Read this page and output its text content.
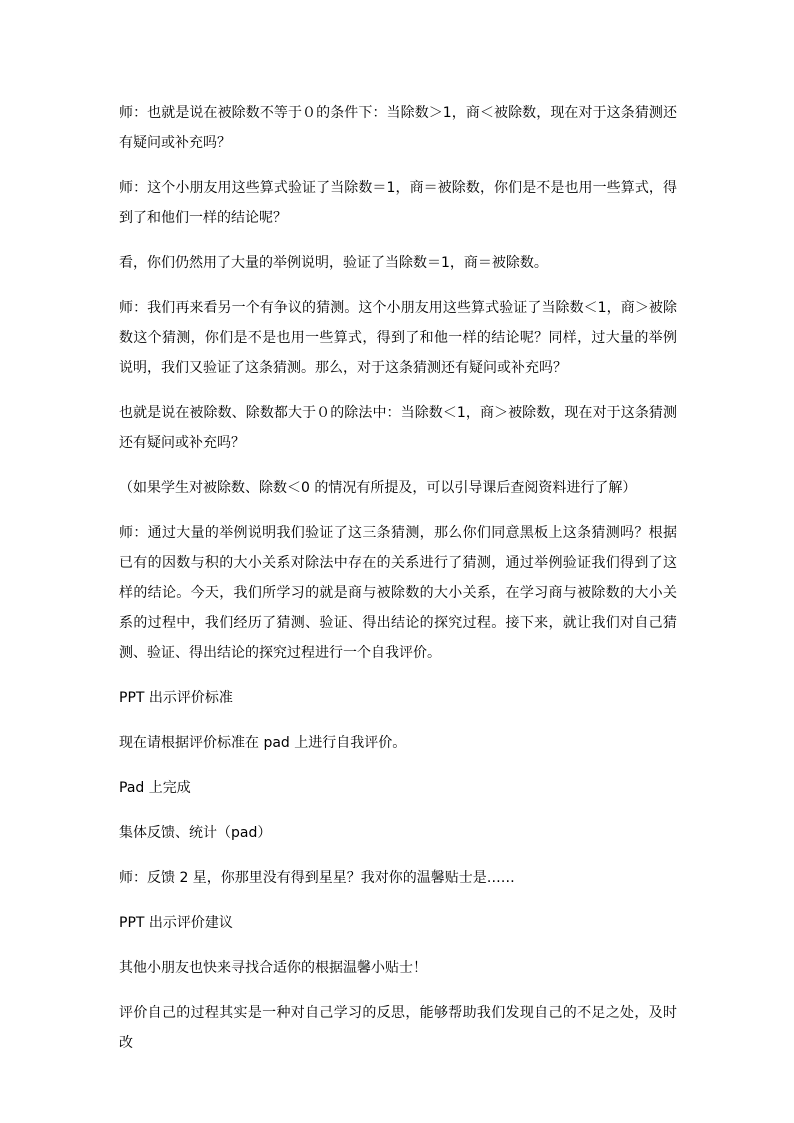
师：也就是说在被除数不等于０的条件下：当除数＞1，商＜被除数，现在对于这条猜测还有疑问或补充吗？

师：这个小朋友用这些算式验证了当除数＝1，商＝被除数，你们是不是也用一些算式，得到了和他们一样的结论呢？

看，你们仍然用了大量的举例说明，验证了当除数＝1，商＝被除数。

师：我们再来看另一个有争议的猜测。这个小朋友用这些算式验证了当除数＜1，商＞被除数这个猜测，你们是不是也用一些算式，得到了和他一样的结论呢？同样，过大量的举例说明，我们又验证了这条猜测。那么，对于这条猜测还有疑问或补充吗？

也就是说在被除数、除数都大于０的除法中：当除数＜1，商＞被除数，现在对于这条猜测还有疑问或补充吗？

（如果学生对被除数、除数＜0 的情况有所提及，可以引导课后查阅资料进行了解）

师：通过大量的举例说明我们验证了这三条猜测，那么你们同意黑板上这条猜测吗？根据已有的因数与积的大小关系对除法中存在的关系进行了猜测，通过举例验证我们得到了这样的结论。今天，我们所学习的就是商与被除数的大小关系，在学习商与被除数的大小关系的过程中，我们经历了猜测、验证、得出结论的探究过程。接下来，就让我们对自己猜测、验证、得出结论的探究过程进行一个自我评价。

PPT 出示评价标准

现在请根据评价标准在 pad 上进行自我评价。

Pad 上完成

集体反馈、统计（pad）

师：反馈 2 星，你那里没有得到星星？我对你的温馨贴士是……

PPT 出示评价建议

其他小朋友也快来寻找合适你的根据温馨小贴士！

评价自己的过程其实是一种对自己学习的反思，能够帮助我们发现自己的不足之处，及时改
